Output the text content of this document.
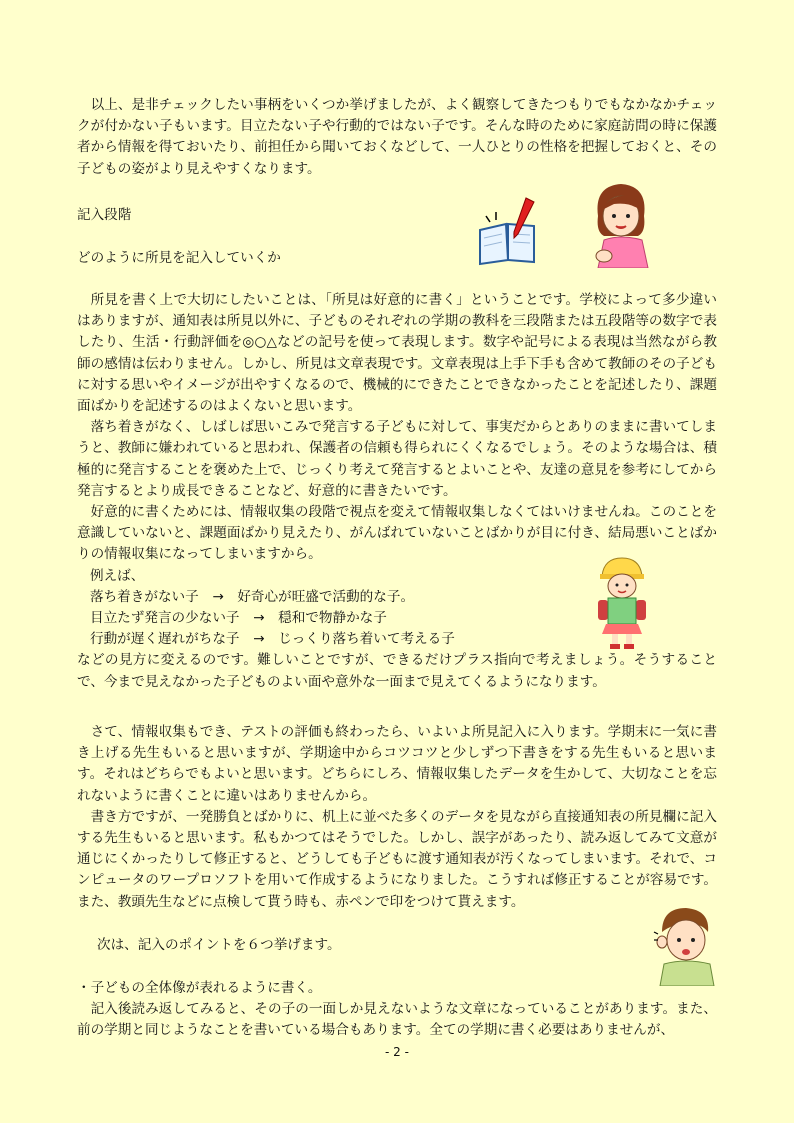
以上、是非チェックしたい事柄をいくつか挙げましたが、よく観察してきたつもりでもなかなかチェックが付かない子もいます。目立たない子や行動的ではない子です。そんな時のために家庭訪問の時に保護者から情報を得ておいたり、前担任から聞いておくなどして、一人ひとりの性格を把握しておくと、その子どもの姿がより見えやすくなります。

記入段階

どのように所見を記入していくか

所見を書く上で大切にしたいことは、「所見は好意的に書く」ということです。学校によって多少違いはありますが、通知表は所見以外に、子どものそれぞれの学期の教科を三段階または五段階等の数字で表したり、生活・行動評価を◎○△などの記号を使って表現します。数字や記号による表現は当然ながら教師の感情は伝わりません。しかし、所見は文章表現です。文章表現は上手下手も含めて教師のその子どもに対する思いやイメージが出やすくなるので、機械的にできたことできなかったことを記述したり、課題面ばかりを記述するのはよくないと思います。

落ち着きがなく、しばしば思いこみで発言する子どもに対して、事実だからとありのままに書いてしまうと、教師に嫌われていると思われ、保護者の信頼も得られにくくなるでしょう。そのような場合は、積極的に発言することを褒めた上で、じっくり考えて発言するとよいことや、友達の意見を参考にしてから発言するとより成長できることなど、好意的に書きたいです。

好意的に書くためには、情報収集の段階で視点を変えて情報収集しなくてはいけませんね。このことを意識していないと、課題面ばかり見えたり、がんばれていないことばかりが目に付き、結局悪いことばかりの情報収集になってしまいますから。

例えば、

落ち着きがない子　→　好奇心が旺盛で活動的な子。

目立たず発言の少ない子　→　穏和で物静かな子

行動が遅く遅れがちな子　→　じっくり落ち着いて考える子

などの見方に変えるのです。難しいことですが、できるだけプラス指向で考えましょう。そうすることで、今まで見えなかった子どものよい面や意外な一面まで見えてくるようになります。

さて、情報収集もでき、テストの評価も終わったら、いよいよ所見記入に入ります。学期末に一気に書き上げる先生もいると思いますが、学期途中からコツコツと少しずつ下書きをする先生もいると思います。それはどちらでもよいと思います。どちらにしろ、情報収集したデータを生かして、大切なことを忘れないように書くことに違いはありませんから。

書き方ですが、一発勝負とばかりに、机上に並べた多くのデータを見ながら直接通知表の所見欄に記入する先生もいると思います。私もかつてはそうでした。しかし、誤字があったり、読み返してみて文意が通じにくかったりして修正すると、どうしても子どもに渡す通知表が汚くなってしまいます。それで、コンピュータのワープロソフトを用いて作成するようになりました。こうすれば修正することが容易です。また、教頭先生などに点検して貰う時も、赤ペンで印をつけて貰えます。

次は、記入のポイントを６つ挙げます。

・子どもの全体像が表れるように書く。

記入後読み返してみると、その子の一面しか見えないような文章になっていることがあります。また、前の学期と同じようなことを書いている場合もあります。全ての学期に書く必要はありませんが、

- 2 -
